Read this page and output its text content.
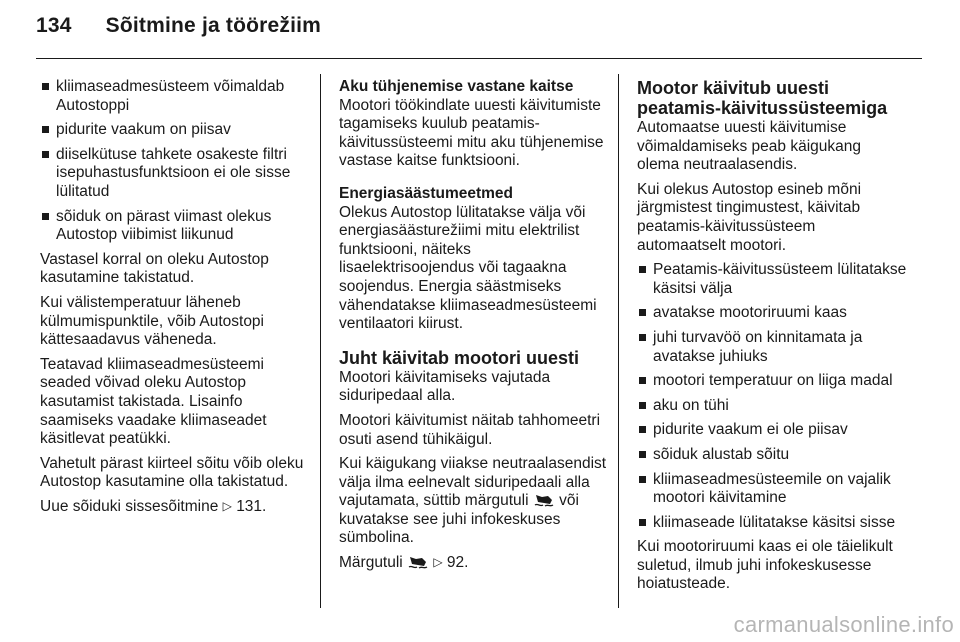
134 Sõitmine ja töörežiim
kliimaseadmesüsteem võimaldab Autostoppi
pidurite vaakum on piisav
diiselkütuse tahkete osakeste filtri isepuhastusfunktsioon ei ole sisse lülitatud
sõiduk on pärast viimast olekus Autostop viibimist liikunud

Vastasel korral on oleku Autostop kasutamine takistatud.

Kui välistemperatuur läheneb külmumispunktile, võib Autostopi kättesaadavus väheneda.

Teatavad kliimaseadmesüsteemi seaded võivad oleku Autostop kasutamist takistada. Lisainfo saamiseks vaadake kliimaseadet käsitlevat peatükki.

Vahetult pärast kiirteel sõitu võib oleku Autostop kasutamine olla takistatud.

Uue sõiduki sissesõitmine ▷ 131.

Aku tühjenemise vastane kaitse

Mootori töökindlate uuesti käivitumiste tagamiseks kuulub peatamis-käivitussüsteemi mitu aku tühjenemise vastase kaitse funktsiooni.

Energiasäästumeetmed

Olekus Autostop lülitatakse välja või energiasäästurežiimi mitu elektrilist funktsiooni, näiteks lisaelektrisoojendus või tagaakna soojendus. Energia säästmiseks vähendatakse kliimaseadmesüsteemi ventilaatori kiirust.

Juht käivitab mootori uuesti

Mootori käivitamiseks vajutada siduripedaal alla.

Mootori käivitumist näitab tahhomeetri osuti asend tühikäigul.

Kui käigukang viiakse neutraalasendist välja ilma eelnevalt siduripedaali alla vajutamata, süttib märgutuli või kuvatakse see juhi infokeskuses sümbolina.

Märgutuli	▷ 92.

Mootor käivitub uuesti peatamis-käivitussüsteemiga

Automaatse uuesti käivitumise võimaldamiseks peab käigukang olema neutraalasendis.

Kui olekus Autostop esineb mõni järgmistest tingimustest, käivitab peatamis-käivitussüsteem automaatselt mootori.

Peatamis-käivitussüsteem lülitatakse käsitsi välja
avatakse mootoriruumi kaas
juhi turvavöö on kinnitamata ja avatakse juhiuks
mootori temperatuur on liiga madal
aku on tühi
pidurite vaakum ei ole piisav
sõiduk alustab sõitu
kliimaseadmesüsteemile on vajalik mootori käivitamine
kliimaseade lülitatakse käsitsi sisse

Kui mootoriruumi kaas ei ole täielikult suletud, ilmub juhi infokeskusesse hoiatusteade.

carmanualsonline.info
